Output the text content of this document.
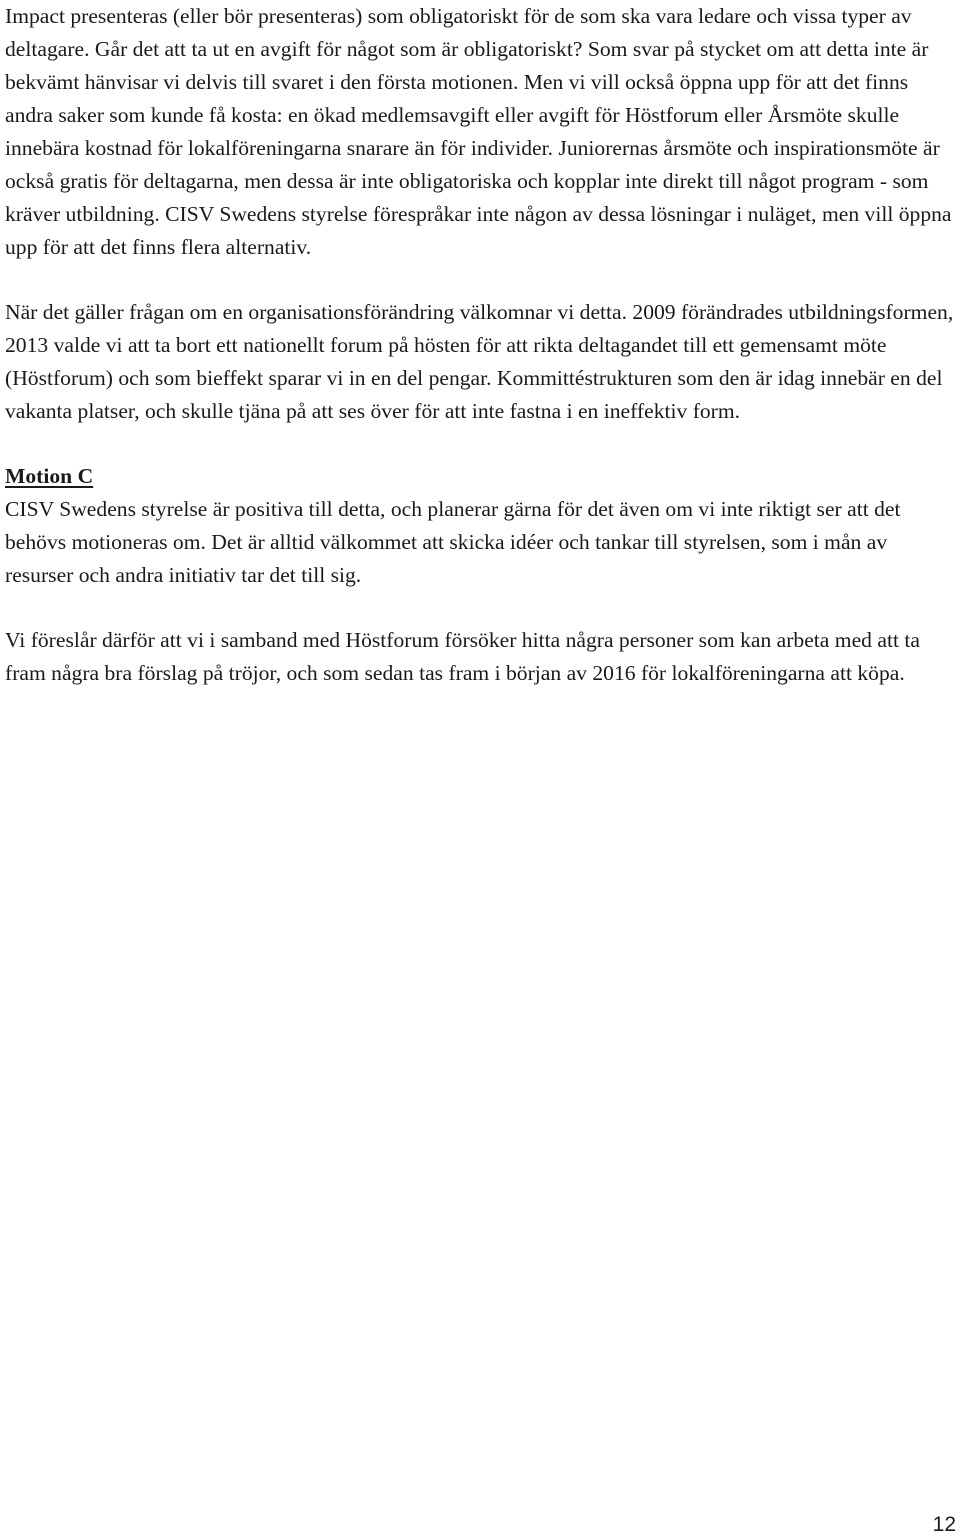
Impact presenteras (eller bör presenteras) som obligatoriskt för de som ska vara ledare och vissa typer av deltagare. Går det att ta ut en avgift för något som är obligatoriskt? Som svar på stycket om att detta inte är bekvämt hänvisar vi delvis till svaret i den första motionen. Men vi vill också öppna upp för att det finns andra saker som kunde få kosta: en ökad medlemsavgift eller avgift för Höstforum eller Årsmöte skulle innebära kostnad för lokalföreningarna snarare än för individer. Juniorernas årsmöte och inspirationsmöte är också gratis för deltagarna, men dessa är inte obligatoriska och kopplar inte direkt till något program - som kräver utbildning. CISV Swedens styrelse förespråkar inte någon av dessa lösningar i nuläget, men vill öppna upp för att det finns flera alternativ.

När det gäller frågan om en organisationsförändring välkomnar vi detta. 2009 förändrades utbildningsformen, 2013 valde vi att ta bort ett nationellt forum på hösten för att rikta deltagandet till ett gemensamt möte (Höstforum) och som bieffekt sparar vi in en del pengar. Kommittéstrukturen som den är idag innebär en del vakanta platser, och skulle tjäna på att ses över för att inte fastna i en ineffektiv form.

Motion C

CISV Swedens styrelse är positiva till detta, och planerar gärna för det även om vi inte riktigt ser att det behövs motioneras om. Det är alltid välkommet att skicka idéer och tankar till styrelsen, som i mån av resurser och andra initiativ tar det till sig.

Vi föreslår därför att vi i samband med Höstforum försöker hitta några personer som kan arbeta med att ta fram några bra förslag på tröjor, och som sedan tas fram i början av 2016 för lokalföreningarna att köpa.

12
